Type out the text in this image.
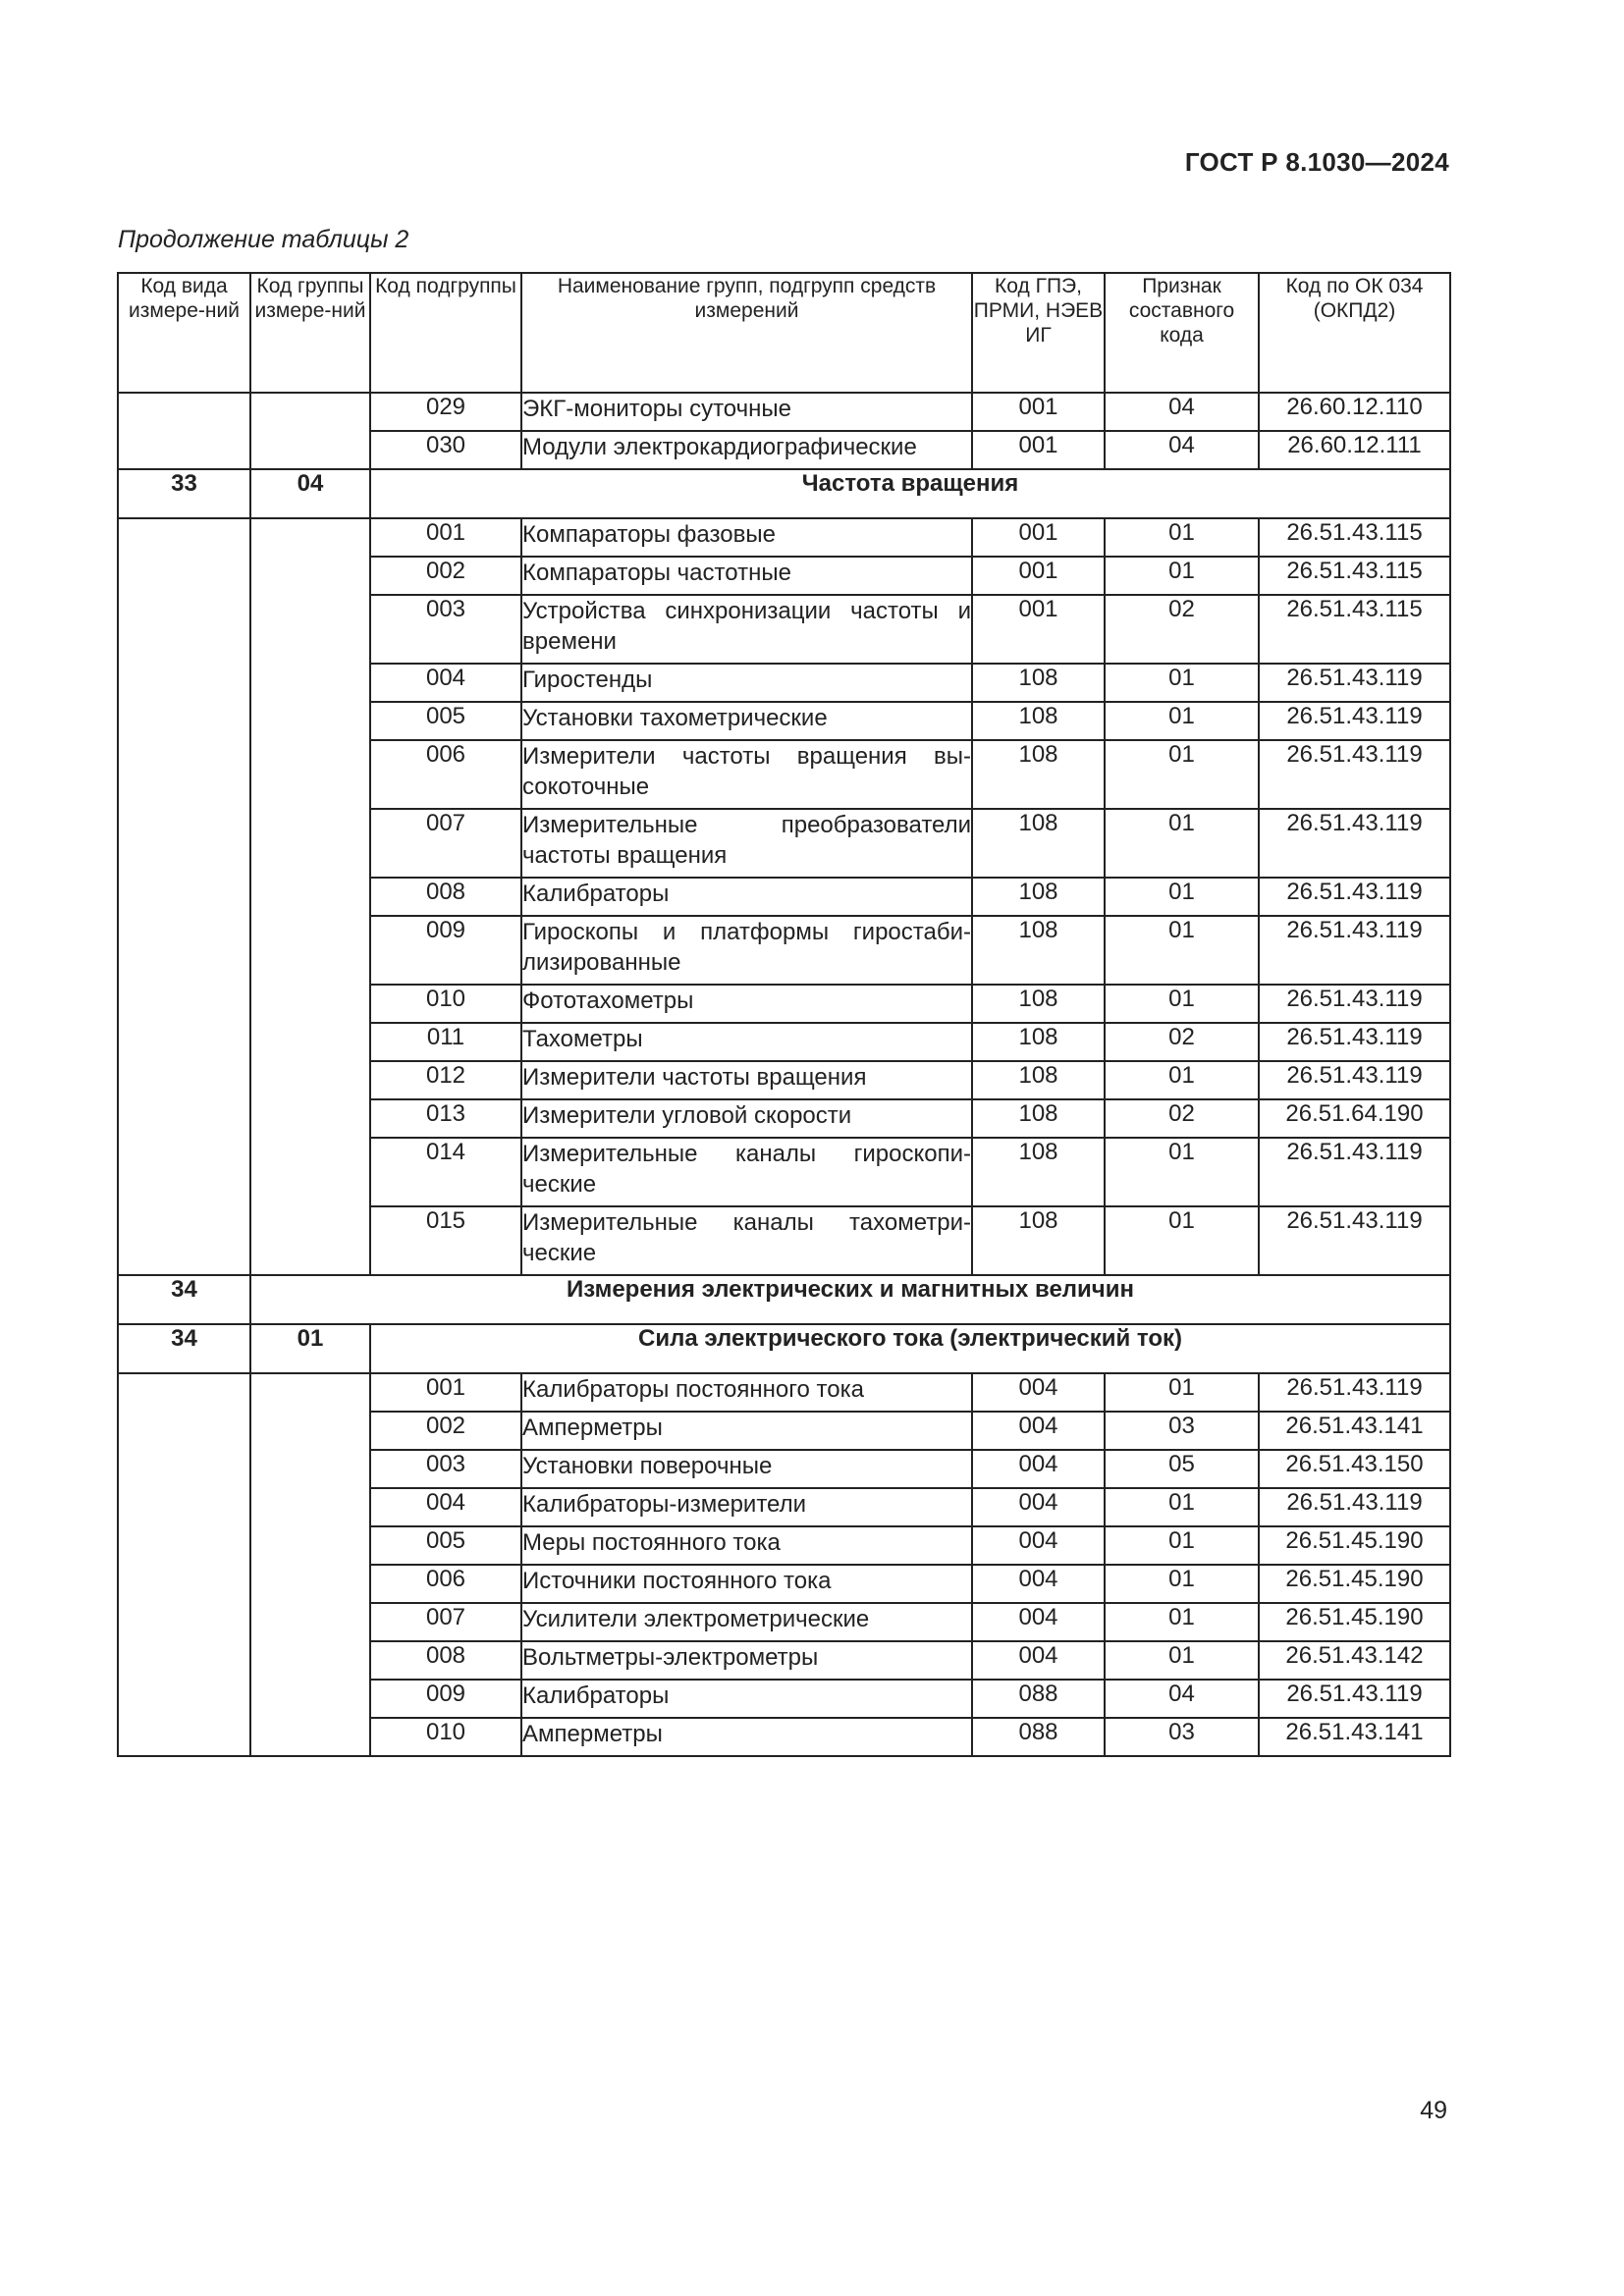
ГОСТ Р 8.1030—2024
Продолжение таблицы 2
Код вида измере-ний	Код группы измере-ний	Код подгруппы	Наименование групп, подгрупп средств измерений	Код ГПЭ, ПРМИ, НЭЕВ ИГ	Признак составного кода	Код по ОК 034 (ОКПД2)
		029	ЭКГ-мониторы суточные	001	04	26.60.12.110
		030	Модули электрокардиографические	001	04	26.60.12.111
33	04	Частота вращения				
		001	Компараторы фазовые	001	01	26.51.43.115
		002	Компараторы частотные	001	01	26.51.43.115
		003	Устройства синхронизации частоты и времени	001	02	26.51.43.115
		004	Гиростенды	108	01	26.51.43.119
		005	Установки тахометрические	108	01	26.51.43.119
		006	Измерители частоты вращения вы-сокоточные	108	01	26.51.43.119
		007	Измерительные преобразователи частоты вращения	108	01	26.51.43.119
		008	Калибраторы	108	01	26.51.43.119
		009	Гироскопы и платформы гиростаби-лизированные	108	01	26.51.43.119
		010	Фототахометры	108	01	26.51.43.119
		011	Тахометры	108	02	26.51.43.119
		012	Измерители частоты вращения	108	01	26.51.43.119
		013	Измерители угловой скорости	108	02	26.51.64.190
		014	Измерительные каналы гироскопи-ческие	108	01	26.51.43.119
		015	Измерительные каналы тахометри-ческие	108	01	26.51.43.119
34	Измерения электрических и магнитных величин					
34	01	Сила электрического тока (электрический ток)				
		001	Калибраторы постоянного тока	004	01	26.51.43.119
		002	Амперметры	004	03	26.51.43.141
		003	Установки поверочные	004	05	26.51.43.150
		004	Калибраторы-измерители	004	01	26.51.43.119
		005	Меры постоянного тока	004	01	26.51.45.190
		006	Источники постоянного тока	004	01	26.51.45.190
		007	Усилители электрометрические	004	01	26.51.45.190
		008	Вольтметры-электрометры	004	01	26.51.43.142
		009	Калибраторы	088	04	26.51.43.119
		010	Амперметры	088	03	26.51.43.141
49
